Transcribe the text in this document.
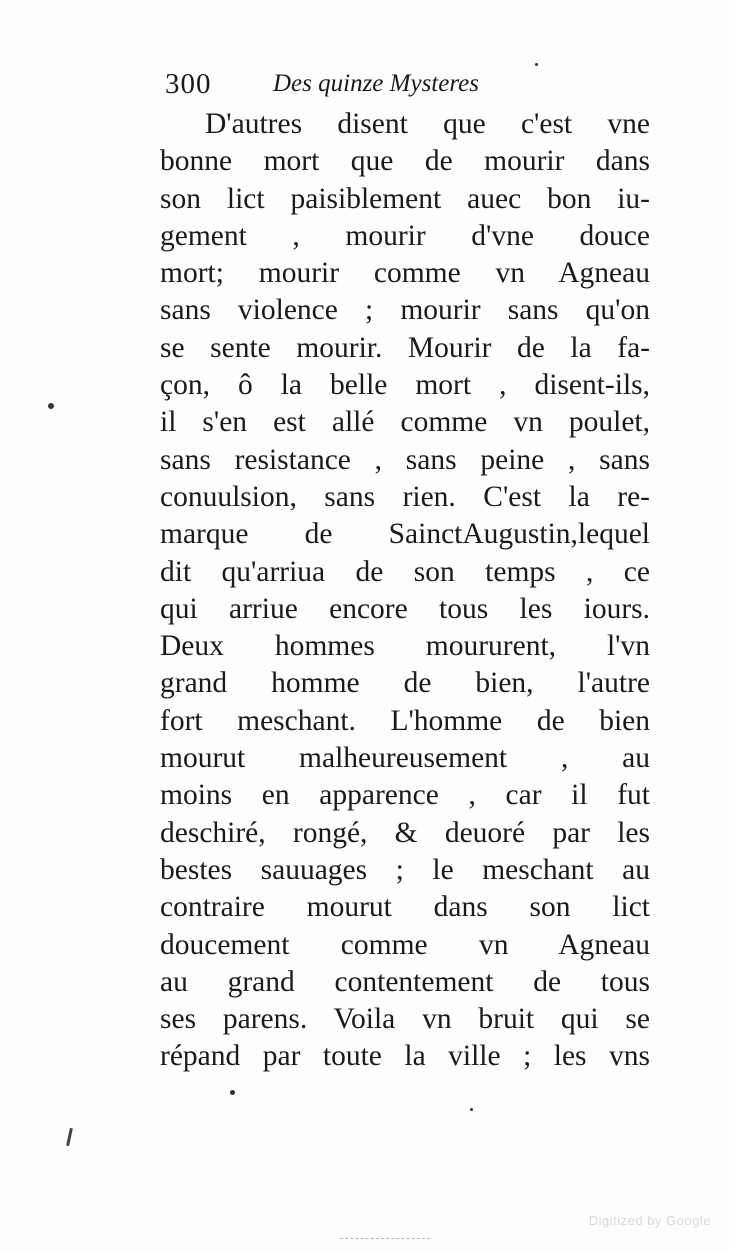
300 Des quinze Mysteres
D'autres disent que c'est vne
bonne mort que de mourir dans
son lict paisiblement auec bon iu-
gement , mourir d'vne douce
mort; mourir comme vn Agneau
sans violence ; mourir sans qu'on
se sente mourir. Mourir de la fa-
çon, ô la belle mort , disent-ils,
il s'en est allé comme vn poulet,
sans resistance , sans peine , sans
conuulsion, sans rien. C'est la re-
marque de SainctAugustin,lequel
dit qu'arriua de son temps , ce
qui arriue encore tous les iours.
Deux hommes moururent, l'vn
grand homme de bien, l'autre
fort meschant. L'homme de bien
mourut malheureusement , au
moins en apparence , car il fut
deschiré, rongé, & deuoré par les
bestes sauuages ; le meschant au
contraire mourut dans son lict
doucement comme vn Agneau
au grand contentement de tous
ses parens. Voila vn bruit qui se
répand par toute la ville ; les vns
Digitized by Google
